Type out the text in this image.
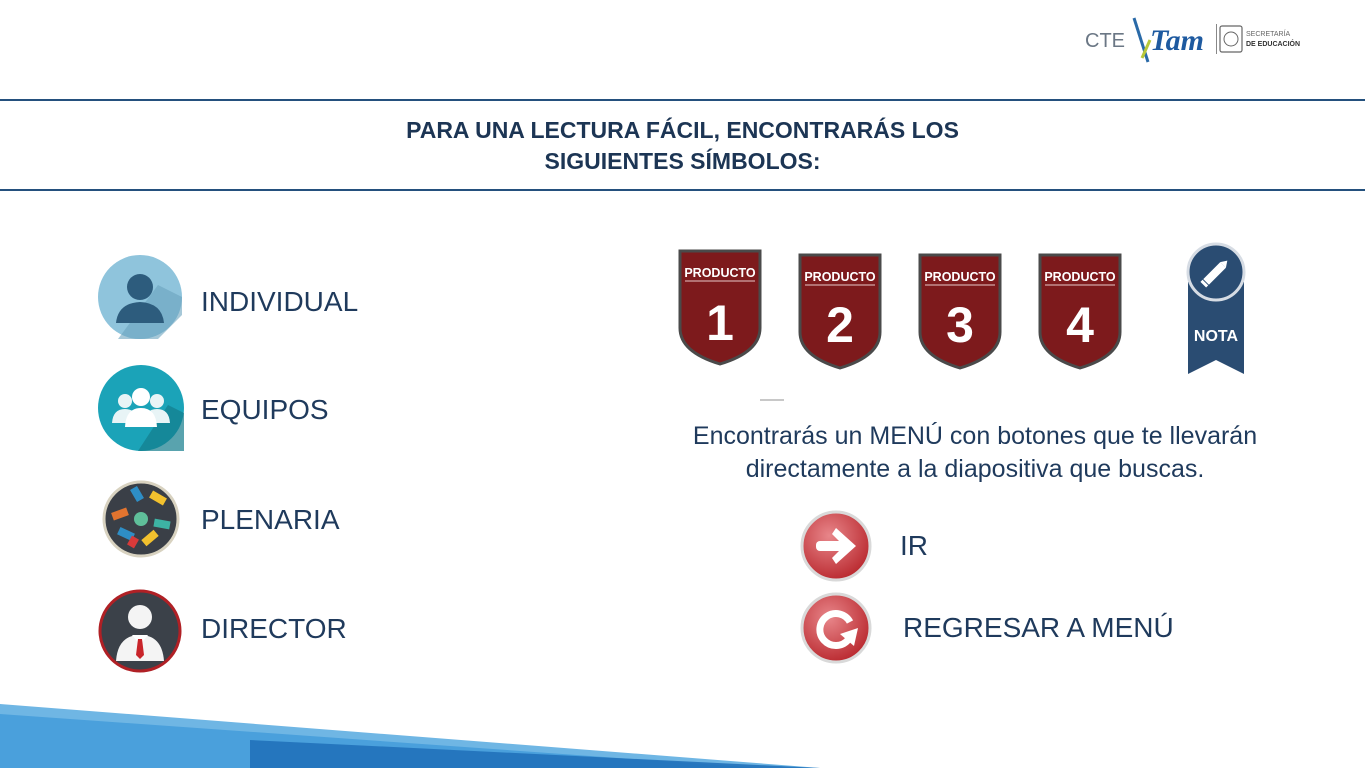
CTE Tam	SECRETARÍA
DE EDUCACIÓN
PARA UNA LECTURA FÁCIL, ENCONTRARÁS LOS
SIGUIENTES SÍMBOLOS:
INDIVIDUAL
EQUIPOS
PLENARIA
DIRECTOR
PRODUCTO
1
PRODUCTO
2
PRODUCTO
3
PRODUCTO
4	NOTA
Encontrarás un MENÚ con botones que te llevarán
directamente a la diapositiva que buscas.
IR
REGRESAR A MENÚ
